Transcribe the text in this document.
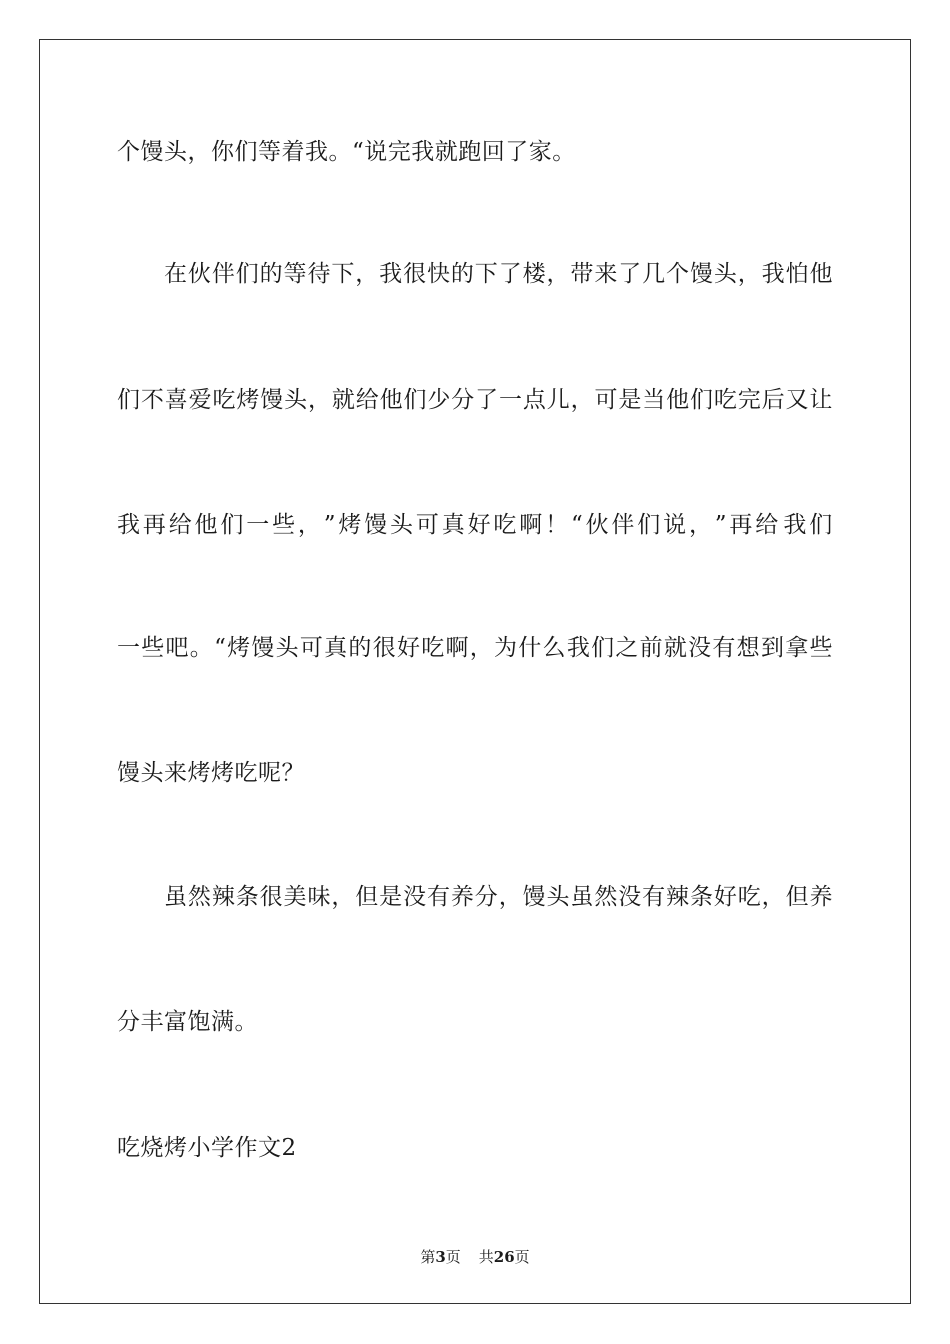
个馒头，你们等着我。“说完我就跑回了家。
在 伙 伴 们 的 等 待 下 ， 我 很 快 的 下 了 楼 ， 带 来 了 几 个 馒 头 ， 我 怕 他
们 不 喜 爱 吃 烤 馒 头 ， 就 给 他 们 少 分 了 一 点 儿 ， 可 是 当 他 们 吃 完 后 又 让
我 再 给 他 们 一 些 ， ” 烤 馒 头 可 真 好 吃 啊 ！ “ 伙 伴 们 说 ， ” 再 给 我 们
一 些 吧 。 “ 烤 馒 头 可 真 的 很 好 吃 啊 ， 为 什 么 我 们 之 前 就 没 有 想 到 拿 些
馒头来烤烤吃呢？
虽 然 辣 条 很 美 味 ， 但 是 没 有 养 分 ， 馒 头 虽 然 没 有 辣 条 好 吃 ， 但 养
分丰富饱满。
吃烧烤小学作文2
第3页 共26页
